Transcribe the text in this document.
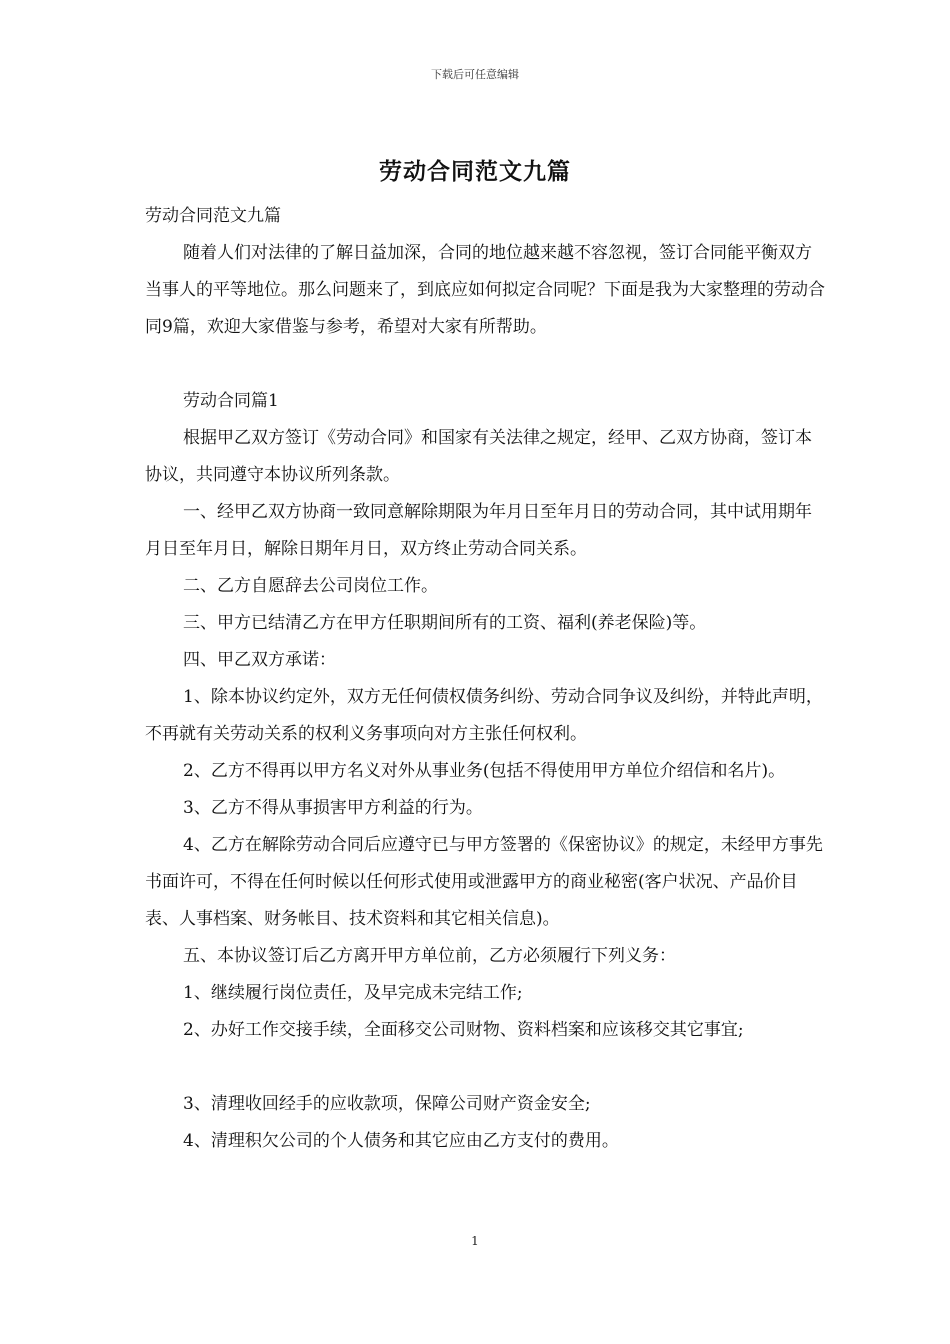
下载后可任意编辑
劳动合同范文九篇

劳动合同范文九篇

随着人们对法律的了解日益加深，合同的地位越来越不容忽视，签订合同能平衡双方当事人的平等地位。那么问题来了，到底应如何拟定合同呢？下面是我为大家整理的劳动合同9篇，欢迎大家借鉴与参考，希望对大家有所帮助。

劳动合同篇1

根据甲乙双方签订《劳动合同》和国家有关法律之规定，经甲、乙双方协商，签订本协议，共同遵守本协议所列条款。

一、经甲乙双方协商一致同意解除期限为年月日至年月日的劳动合同，其中试用期年月日至年月日，解除日期年月日，双方终止劳动合同关系。

二、乙方自愿辞去公司岗位工作。

三、甲方已结清乙方在甲方任职期间所有的工资、福利(养老保险)等。

四、甲乙双方承诺：

1、除本协议约定外，双方无任何债权债务纠纷、劳动合同争议及纠纷，并特此声明，不再就有关劳动关系的权利义务事项向对方主张任何权利。

2、乙方不得再以甲方名义对外从事业务(包括不得使用甲方单位介绍信和名片)。

3、乙方不得从事损害甲方利益的行为。

4、乙方在解除劳动合同后应遵守已与甲方签署的《保密协议》的规定，未经甲方事先书面许可，不得在任何时候以任何形式使用或泄露甲方的商业秘密(客户状况、产品价目表、人事档案、财务帐目、技术资料和其它相关信息)。

五、本协议签订后乙方离开甲方单位前，乙方必须履行下列义务：

1、继续履行岗位责任，及早完成未完结工作;

2、办好工作交接手续，全面移交公司财物、资料档案和应该移交其它事宜;

3、清理收回经手的应收款项，保障公司财产资金安全;

4、清理积欠公司的个人债务和其它应由乙方支付的费用。

1
